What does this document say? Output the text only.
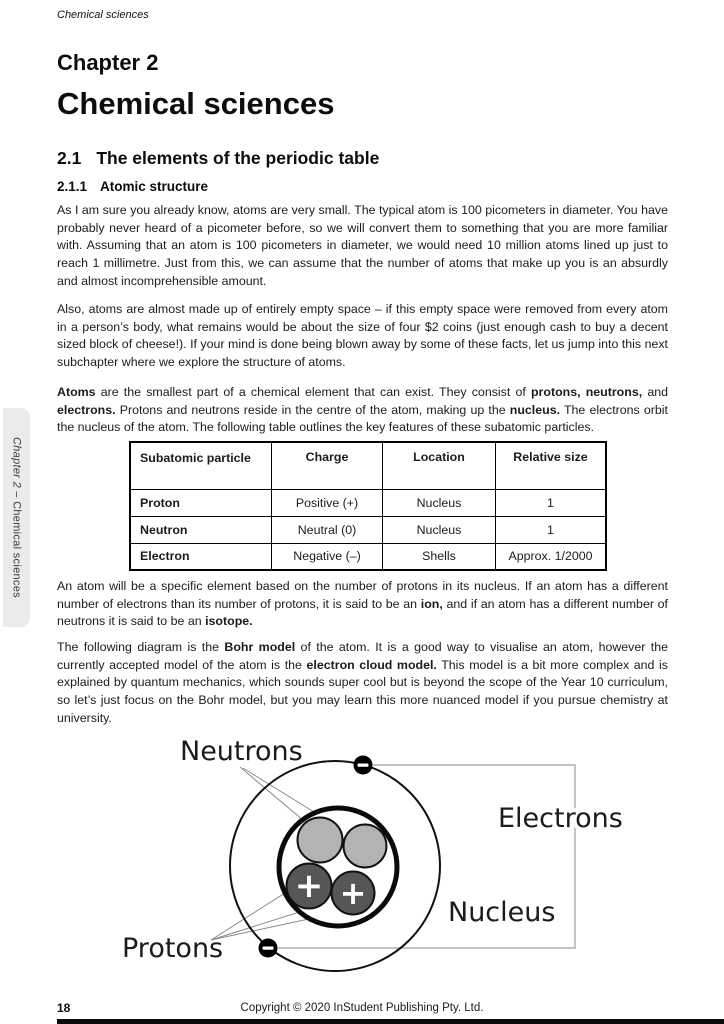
Chemical sciences
Chapter 2
Chemical sciences
2.1 The elements of the periodic table
2.1.1 Atomic structure
As I am sure you already know, atoms are very small. The typical atom is 100 picometers in diameter. You have probably never heard of a picometer before, so we will convert them to something that you are more familiar with. Assuming that an atom is 100 picometers in diameter, we would need 10 million atoms lined up just to reach 1 millimetre. Just from this, we can assume that the number of atoms that make up you is an absurdly and almost incomprehensible amount.
Also, atoms are almost made up of entirely empty space – if this empty space were removed from every atom in a person’s body, what remains would be about the size of four $2 coins (just enough cash to buy a decent sized block of cheese!). If your mind is done being blown away by some of these facts, let us jump into this next subchapter where we explore the structure of atoms.
Atoms are the smallest part of a chemical element that can exist. They consist of protons, neutrons, and electrons. Protons and neutrons reside in the centre of the atom, making up the nucleus. The electrons orbit the nucleus of the atom. The following table outlines the key features of these subatomic particles.
Subatomic particle	Charge	Location	Relative size
Proton	Positive (+)	Nucleus	1
Neutron	Neutral (0)	Nucleus	1
Electron	Negative (–)	Shells	Approx. 1/2000
An atom will be a specific element based on the number of protons in its nucleus. If an atom has a different number of electrons than its number of protons, it is said to be an ion, and if an atom has a different number of neutrons it is said to be an isotope.
The following diagram is the Bohr model of the atom. It is a good way to visualise an atom, however the currently accepted model of the atom is the electron cloud model. This model is a bit more complex and is explained by quantum mechanics, which sounds super cool but is beyond the scope of the Year 10 curriculum, so let’s just focus on the Bohr model, but you may learn this more nuanced model if you pursue chemistry at university.
+ +
Neutrons
Electrons
Nucleus
Protons
Chapter 2 – Chemical sciences
18	Copyright © 2020 InStudent Publishing Pty. Ltd.
